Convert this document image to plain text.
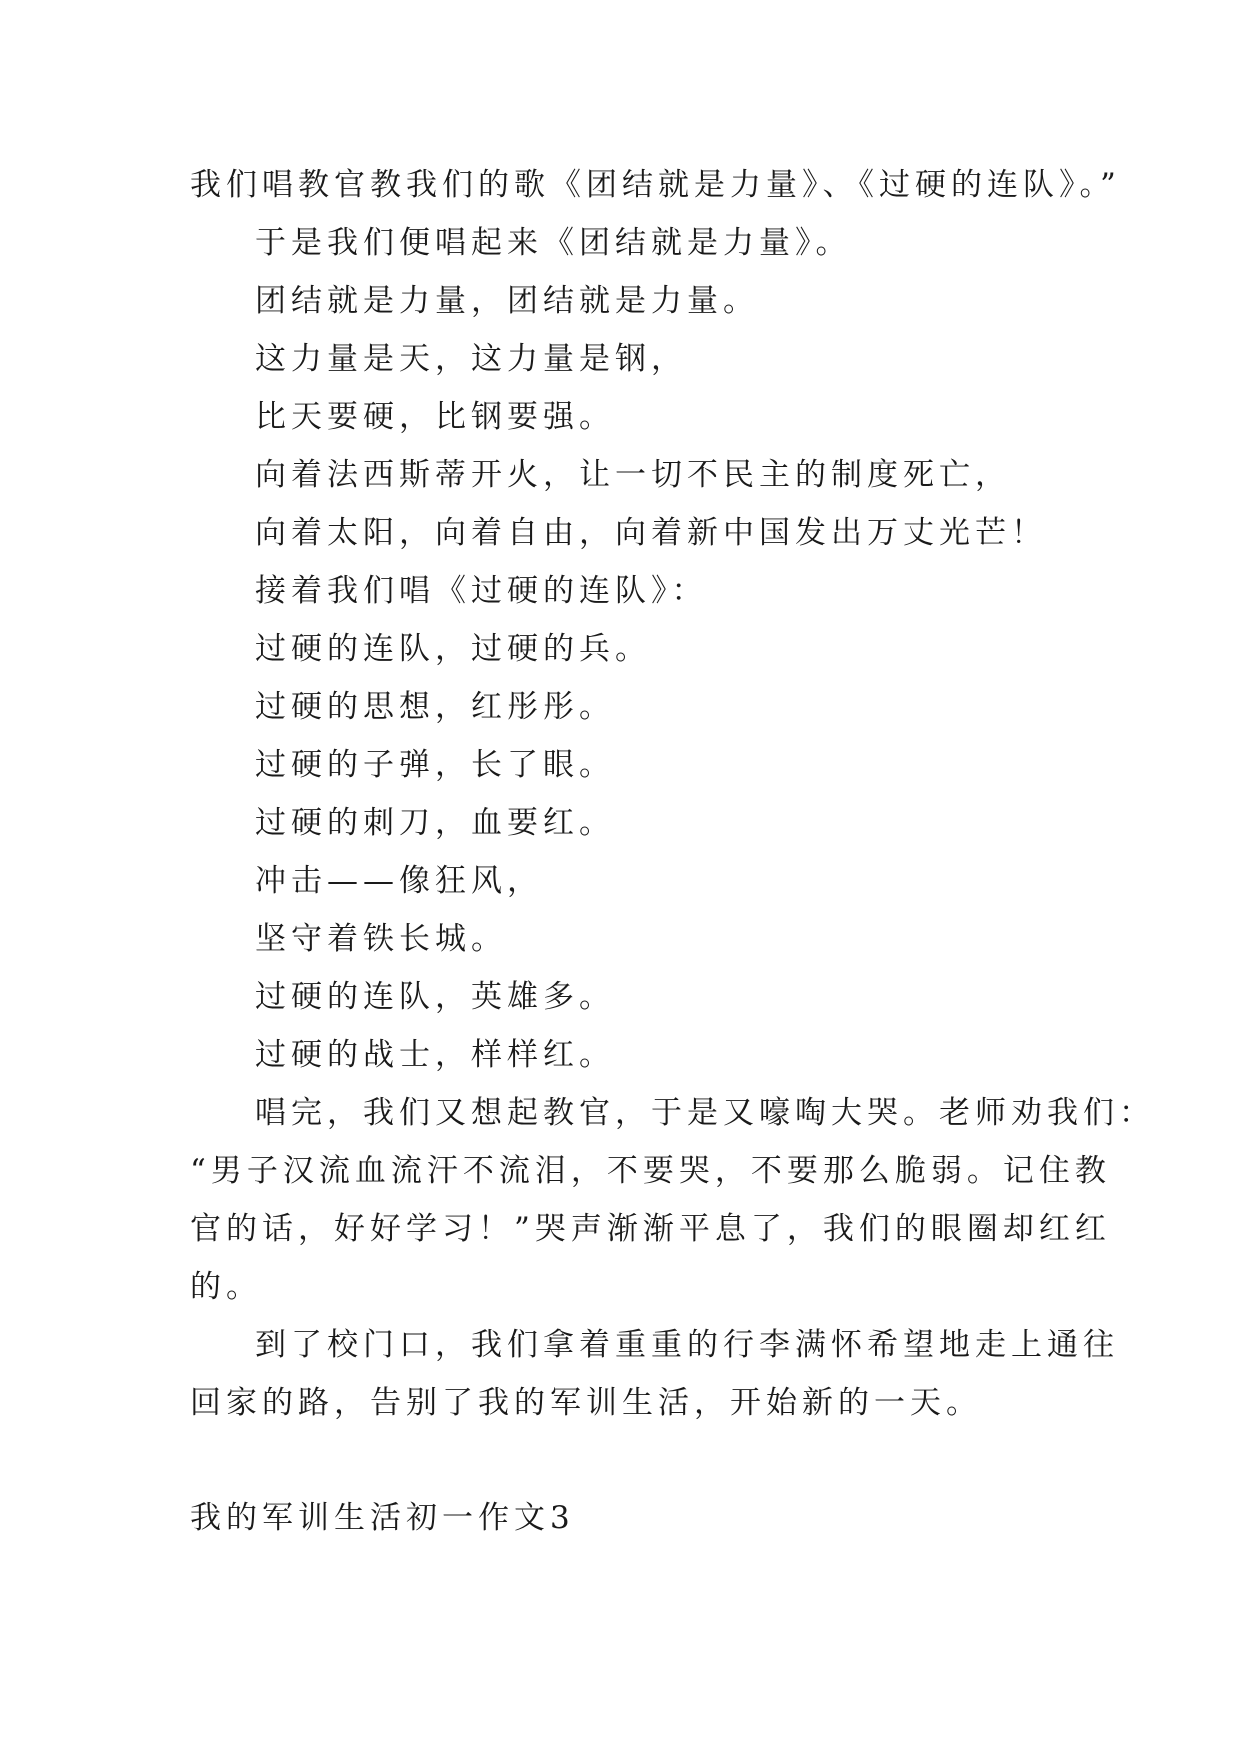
我们唱教官教我们的歌《团结就是力量》、《过硬的连队》。”
于是我们便唱起来《团结就是力量》。
团结就是力量，团结就是力量。
这力量是天，这力量是钢，
比天要硬，比钢要强。
向着法西斯蒂开火，让一切不民主的制度死亡，
向着太阳，向着自由，向着新中国发出万丈光芒！
接着我们唱《过硬的连队》：
过硬的连队，过硬的兵。
过硬的思想，红彤彤。
过硬的子弹，长了眼。
过硬的刺刀，血要红。
冲击——像狂风，
坚守着铁长城。
过硬的连队，英雄多。
过硬的战士，样样红。
唱完，我们又想起教官，于是又嚎啕大哭。老师劝我们：
“男子汉流血流汗不流泪，不要哭，不要那么脆弱。记住教
官的话，好好学习！”哭声渐渐平息了，我们的眼圈却红红
的。
到了校门口，我们拿着重重的行李满怀希望地走上通往
回家的路，告别了我的军训生活，开始新的一天。
我的军训生活初一作文3
